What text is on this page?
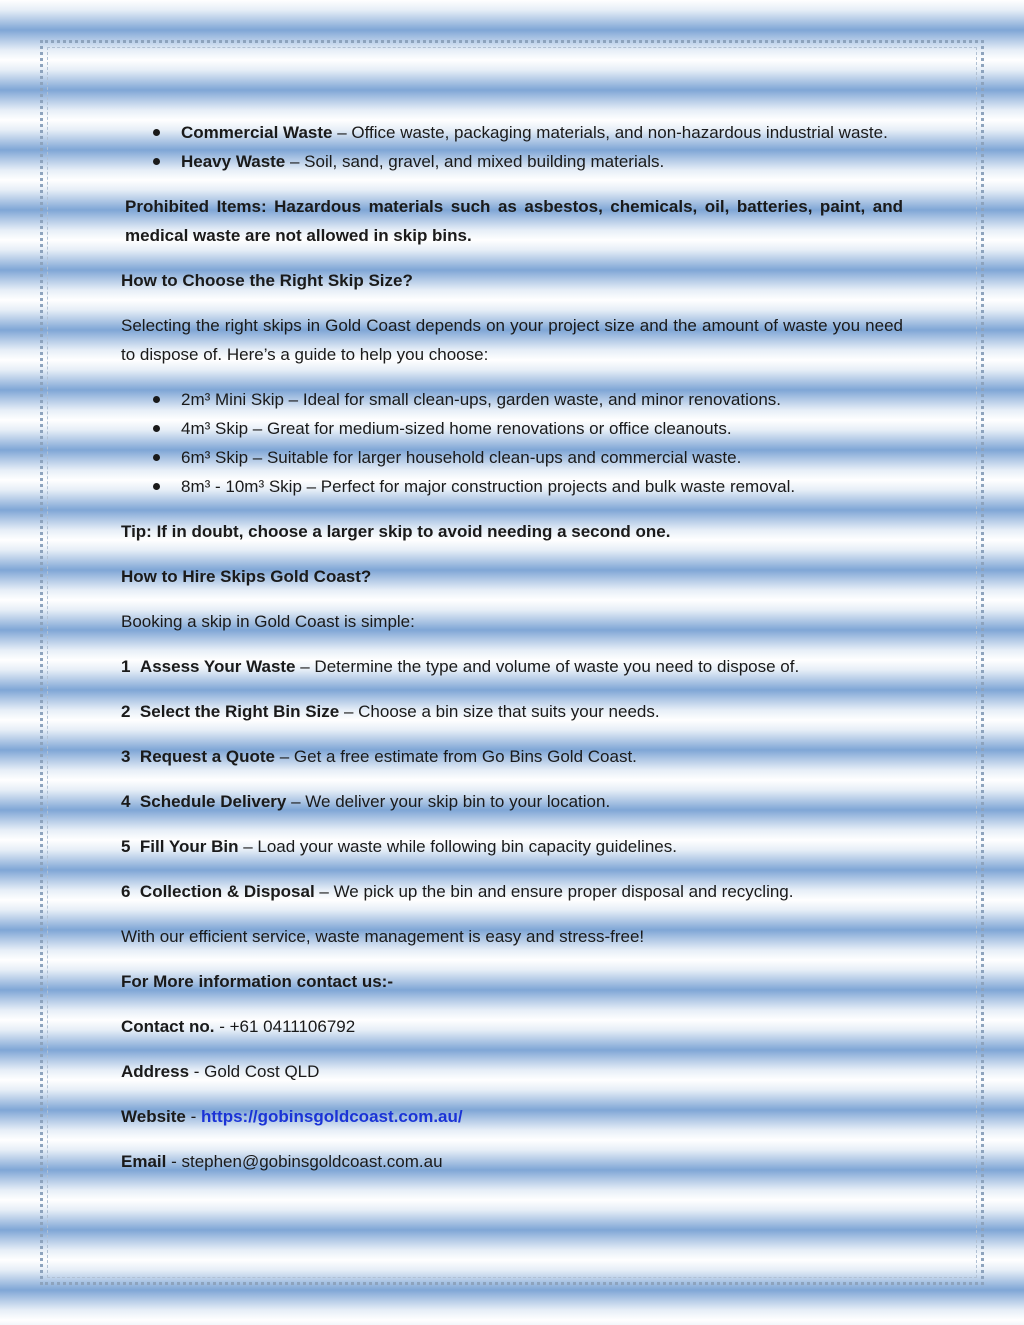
Commercial Waste – Office waste, packaging materials, and non-hazardous industrial waste.
Heavy Waste – Soil, sand, gravel, and mixed building materials.

Prohibited Items: Hazardous materials such as asbestos, chemicals, oil, batteries, paint, and medical waste are not allowed in skip bins.

How to Choose the Right Skip Size?

Selecting the right skips in Gold Coast depends on your project size and the amount of waste you need to dispose of. Here’s a guide to help you choose:

2m³ Mini Skip – Ideal for small clean-ups, garden waste, and minor renovations.
4m³ Skip – Great for medium-sized home renovations or office cleanouts.
6m³ Skip – Suitable for larger household clean-ups and commercial waste.
8m³ - 10m³ Skip – Perfect for major construction projects and bulk waste removal.

Tip: If in doubt, choose a larger skip to avoid needing a second one.

How to Hire Skips Gold Coast?

Booking a skip in Gold Coast is simple:

1 Assess Your Waste – Determine the type and volume of waste you need to dispose of.

2 Select the Right Bin Size – Choose a bin size that suits your needs.

3 Request a Quote – Get a free estimate from Go Bins Gold Coast.

4 Schedule Delivery – We deliver your skip bin to your location.

5 Fill Your Bin – Load your waste while following bin capacity guidelines.

6 Collection & Disposal – We pick up the bin and ensure proper disposal and recycling.

With our efficient service, waste management is easy and stress-free!

For More information contact us:-

Contact no. - +61 0411106792

Address - Gold Cost QLD

Website - https://gobinsgoldcoast.com.au/

Email - stephen@gobinsgoldcoast.com.au
